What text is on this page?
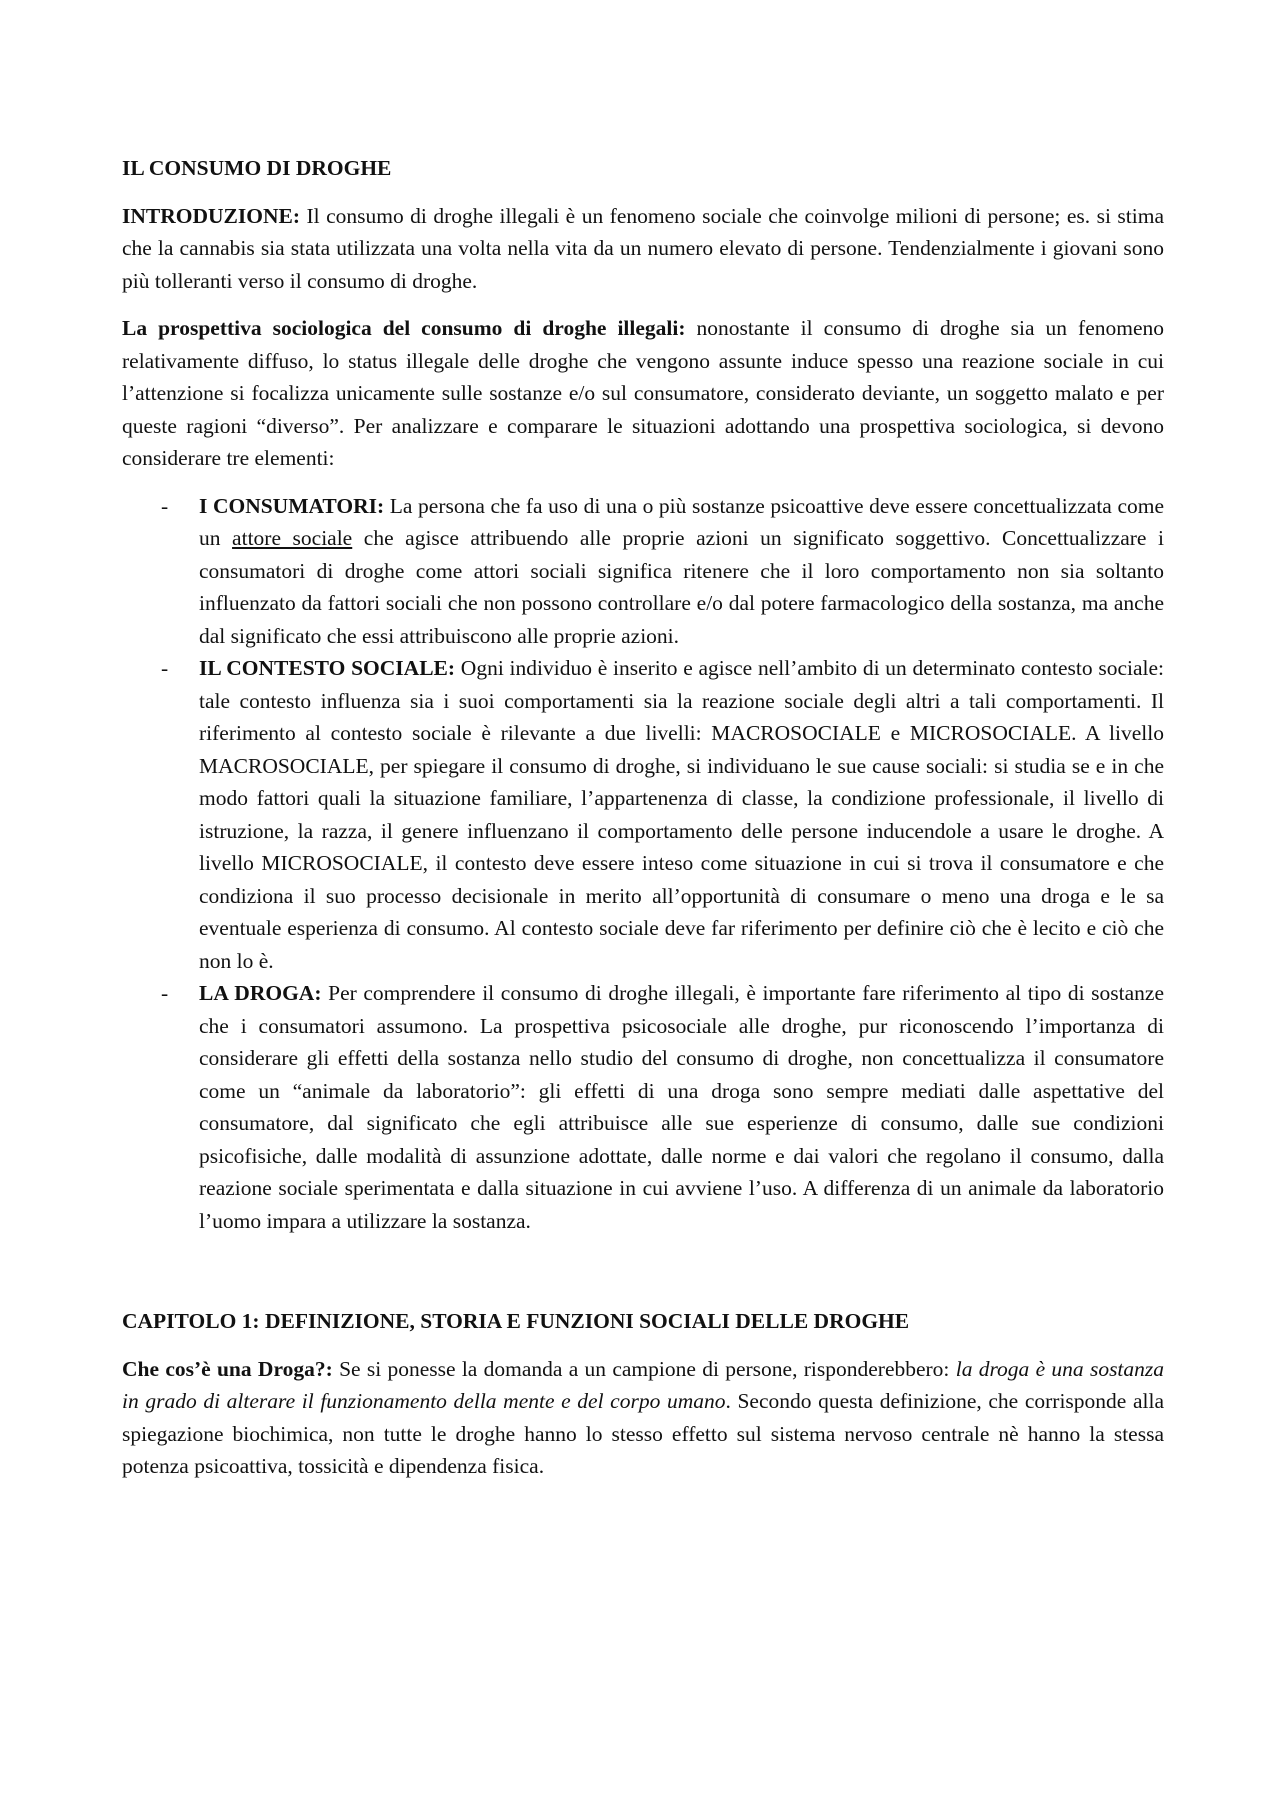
IL CONSUMO DI DROGHE

INTRODUZIONE: Il consumo di droghe illegali è un fenomeno sociale che coinvolge milioni di persone; es. si stima che la cannabis sia stata utilizzata una volta nella vita da un numero elevato di persone. Tendenzialmente i giovani sono più tolleranti verso il consumo di droghe.

La prospettiva sociologica del consumo di droghe illegali: nonostante il consumo di droghe sia un fenomeno relativamente diffuso, lo status illegale delle droghe che vengono assunte induce spesso una reazione sociale in cui l’attenzione si focalizza unicamente sulle sostanze e/o sul consumatore, considerato deviante, un soggetto malato e per queste ragioni “diverso”. Per analizzare e comparare le situazioni adottando una prospettiva sociologica, si devono considerare tre elementi:

- I CONSUMATORI: La persona che fa uso di una o più sostanze psicoattive deve essere concettualizzata come un attore sociale che agisce attribuendo alle proprie azioni un significato soggettivo. Concettualizzare i consumatori di droghe come attori sociali significa ritenere che il loro comportamento non sia soltanto influenzato da fattori sociali che non possono controllare e/o dal potere farmacologico della sostanza, ma anche dal significato che essi attribuiscono alle proprie azioni.
- IL CONTESTO SOCIALE: Ogni individuo è inserito e agisce nell’ambito di un determinato contesto sociale: tale contesto influenza sia i suoi comportamenti sia la reazione sociale degli altri a tali comportamenti. Il riferimento al contesto sociale è rilevante a due livelli: MACROSOCIALE e MICROSOCIALE. A livello MACROSOCIALE, per spiegare il consumo di droghe, si individuano le sue cause sociali: si studia se e in che modo fattori quali la situazione familiare, l’appartenenza di classe, la condizione professionale, il livello di istruzione, la razza, il genere influenzano il comportamento delle persone inducendole a usare le droghe. A livello MICROSOCIALE, il contesto deve essere inteso come situazione in cui si trova il consumatore e che condiziona il suo processo decisionale in merito all’opportunità di consumare o meno una droga e le sa eventuale esperienza di consumo. Al contesto sociale deve far riferimento per definire ciò che è lecito e ciò che non lo è.
- LA DROGA: Per comprendere il consumo di droghe illegali, è importante fare riferimento al tipo di sostanze che i consumatori assumono. La prospettiva psicosociale alle droghe, pur riconoscendo l’importanza di considerare gli effetti della sostanza nello studio del consumo di droghe, non concettualizza il consumatore come un “animale da laboratorio”: gli effetti di una droga sono sempre mediati dalle aspettative del consumatore, dal significato che egli attribuisce alle sue esperienze di consumo, dalle sue condizioni psicofisiche, dalle modalità di assunzione adottate, dalle norme e dai valori che regolano il consumo, dalla reazione sociale sperimentata e dalla situazione in cui avviene l’uso. A differenza di un animale da laboratorio l’uomo impara a utilizzare la sostanza.
CAPITOLO 1: DEFINIZIONE, STORIA E FUNZIONI SOCIALI DELLE DROGHE

Che cos’è una Droga?: Se si ponesse la domanda a un campione di persone, risponderebbero: la droga è una sostanza in grado di alterare il funzionamento della mente e del corpo umano. Secondo questa definizione, che corrisponde alla spiegazione biochimica, non tutte le droghe hanno lo stesso effetto sul sistema nervoso centrale nè hanno la stessa potenza psicoattiva, tossicità e dipendenza fisica.
